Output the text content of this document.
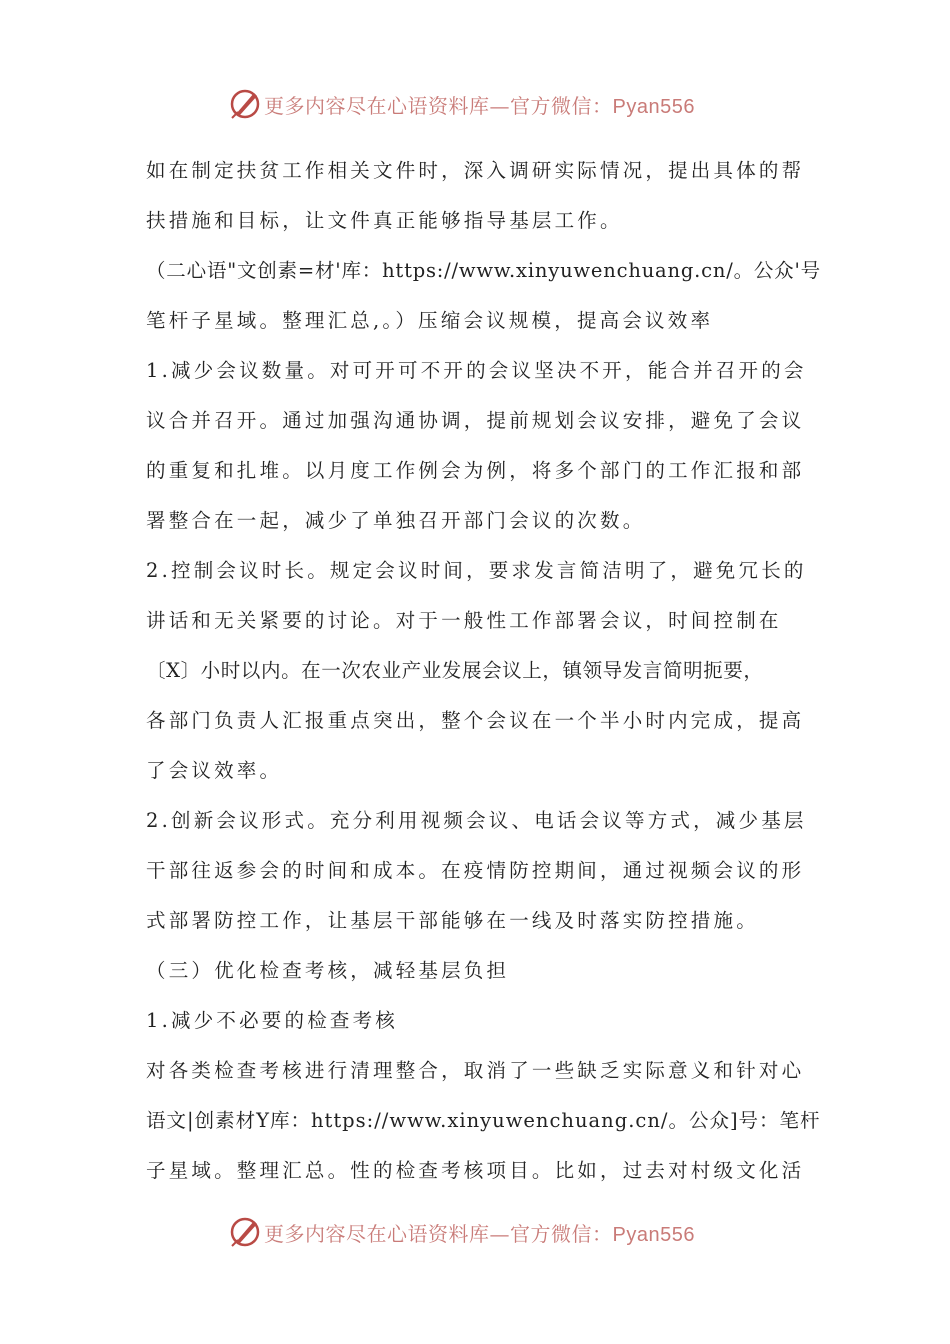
更多内容尽在心语资料库—官方微信：Pyan556
如在制定扶贫工作相关文件时，深入调研实际情况，提出具体的帮
扶措施和目标，让文件真正能够指导基层工作。
（二心语"文创素=材'库：https://www.xinyuwenchuang.cn/。公众'号
笔杆子星域。整理汇总,。）压缩会议规模，提高会议效率
1.减少会议数量。对可开可不开的会议坚决不开，能合并召开的会
议合并召开。通过加强沟通协调，提前规划会议安排，避免了会议
的重复和扎堆。以月度工作例会为例，将多个部门的工作汇报和部
署整合在一起，减少了单独召开部门会议的次数。
2.控制会议时长。规定会议时间，要求发言简洁明了，避免冗长的
讲话和无关紧要的讨论。对于一般性工作部署会议，时间控制在
〔X〕小时以内。在一次农业产业发展会议上，镇领导发言简明扼要，
各部门负责人汇报重点突出，整个会议在一个半小时内完成，提高
了会议效率。
2.创新会议形式。充分利用视频会议、电话会议等方式，减少基层
干部往返参会的时间和成本。在疫情防控期间，通过视频会议的形
式部署防控工作，让基层干部能够在一线及时落实防控措施。
（三）优化检查考核，减轻基层负担
1.减少不必要的检查考核
对各类检查考核进行清理整合，取消了一些缺乏实际意义和针对心
语文|创素材Y库：https://www.xinyuwenchuang.cn/。公众]号：笔杆
子星域。整理汇总。性的检查考核项目。比如，过去对村级文化活
更多内容尽在心语资料库—官方微信：Pyan556
